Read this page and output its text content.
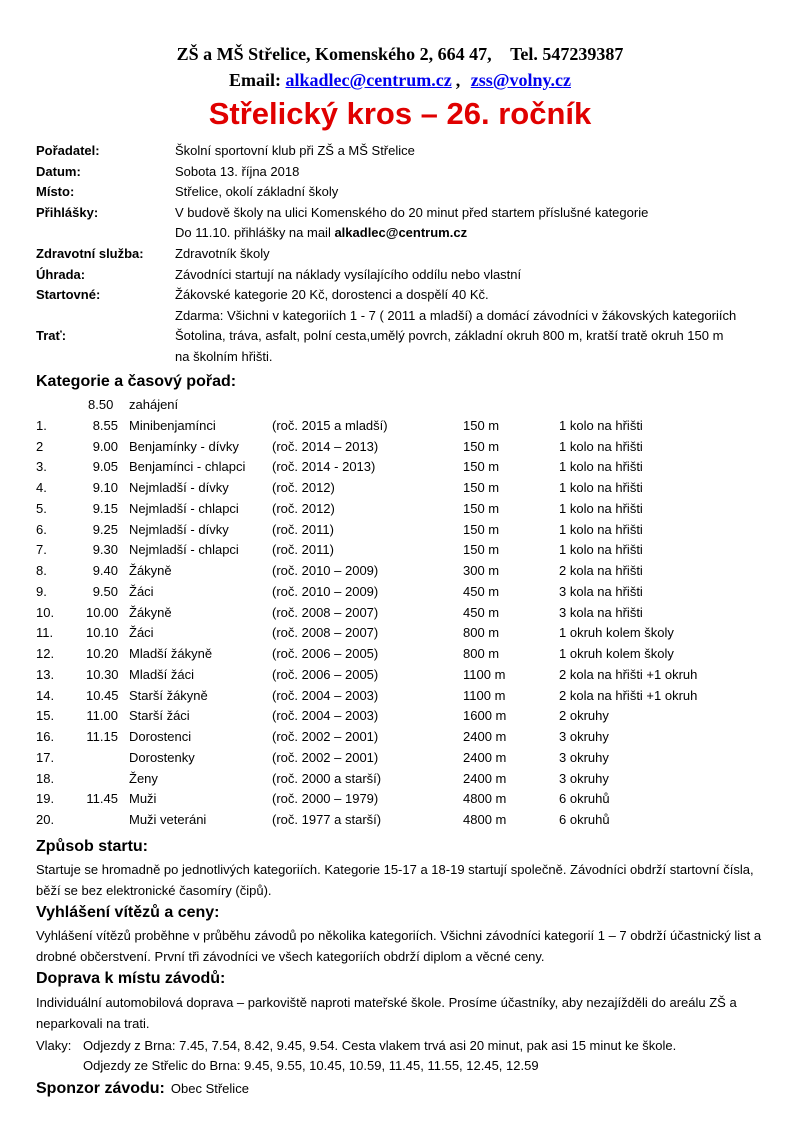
ZŠ a MŠ Střelice, Komenského 2, 664 47, Tel. 547239387
Email: alkadlec@centrum.cz , zss@volny.cz
Střelický kros – 26. ročník
Pořadatel:	Školní sportovní klub při ZŠ a MŠ Střelice
Datum:	Sobota 13. října 2018
Místo:	Střelice, okolí základní školy
Přihlášky:	V budově školy na ulici Komenského do 20 minut před startem příslušné kategorie
Do 11.10. přihlášky na mail alkadlec@centrum.cz
Zdravotní služba: Zdravotník školy
Úhrada:	Závodníci startují na náklady vysílajícího oddílu nebo vlastní
Startovné:	Žákovské kategorie 20 Kč, dorostenci a dospělí 40 Kč.
Zdarma: Všichni v kategoriích 1 - 7 ( 2011 a mladší) a domácí závodníci v žákovských kategoriích
Trať:	Šotolina, tráva, asfalt, polní cesta,umělý povrch, základní okruh 800 m, kratší tratě okruh 150 m
na školním hřišti.
Kategorie a časový pořad:
8.50 zahájení
1.	8.55 Minibenjamínci	(roč. 2015 a mladší)	150 m	1 kolo na hřišti
2	9.00 Benjamínky - dívky	(roč. 2014 – 2013)	150 m	1 kolo na hřišti
3.	9.05 Benjamínci - chlapci (roč. 2014 - 2013)	150 m	1 kolo na hřišti
4.	9.10 Nejmladší - dívky	(roč. 2012)	150 m	1 kolo na hřišti
5.	9.15 Nejmladší - chlapci	(roč. 2012)	150 m	1 kolo na hřišti
6.	9.25 Nejmladší - dívky	(roč. 2011)	150 m	1 kolo na hřišti
7.	9.30 Nejmladší - chlapci	(roč. 2011)	150 m	1 kolo na hřišti
8.	9.40 Žákyně	(roč. 2010 – 2009)	300 m	2 kola na hřišti
9.	9.50 Žáci	(roč. 2010 – 2009)	450 m	3 kola na hřišti
10. 10.00 Žákyně	(roč. 2008 – 2007)	450 m	3 kola na hřišti
11.	10.10 Žáci	(roč. 2008 – 2007)	800 m	1 okruh kolem školy
12. 10.20 Mladší žákyně	(roč. 2006 – 2005)	800 m	1 okruh kolem školy
13. 10.30 Mladší žáci	(roč. 2006 – 2005)	1100 m	2 kola na hřišti +1 okruh
14. 10.45 Starší žákyně	(roč. 2004 – 2003)	1100 m	2 kola na hřišti +1 okruh
15. 11.00 Starší žáci	(roč. 2004 – 2003)	1600 m	2 okruhy
16. 11.15 Dorostenci	(roč. 2002 – 2001)	2400 m	3 okruhy
17.	Dorostenky	(roč. 2002 – 2001)	2400 m	3 okruhy
18.	Ženy	(roč. 2000 a starší)	2400 m	3 okruhy
19. 11.45 Muži	(roč. 2000 – 1979)	4800 m	6 okruhů
20.	Muži veteráni	(roč. 1977 a starší)	4800 m	6 okruhů
Způsob startu:
Startuje se hromadně po jednotlivých kategoriích. Kategorie 15-17 a 18-19 startují společně. Závodníci obdrží startovní čísla, běží se bez elektronické časomíry (čipů).
Vyhlášení vítězů a ceny:
Vyhlášení vítězů proběhne v průběhu závodů po několika kategoriích. Všichni závodníci kategorií 1 – 7 obdrží účastnický list a drobné občerstvení. První tři závodníci ve všech kategoriích obdrží diplom a věcné ceny.
Doprava k místu závodů:
Individuální automobilová doprava – parkoviště naproti mateřské škole. Prosíme účastníky, aby nezajížděli do areálu ZŠ a neparkovali na trati.
Vlaky: Odjezdy z Brna: 7.45, 7.54, 8.42, 9.45, 9.54. Cesta vlakem trvá asi 20 minut, pak asi 15 minut ke škole.
Odjezdy ze Střelic do Brna: 9.45, 9.55, 10.45, 10.59, 11.45, 11.55, 12.45, 12.59
Sponzor závodu: Obec Střelice
